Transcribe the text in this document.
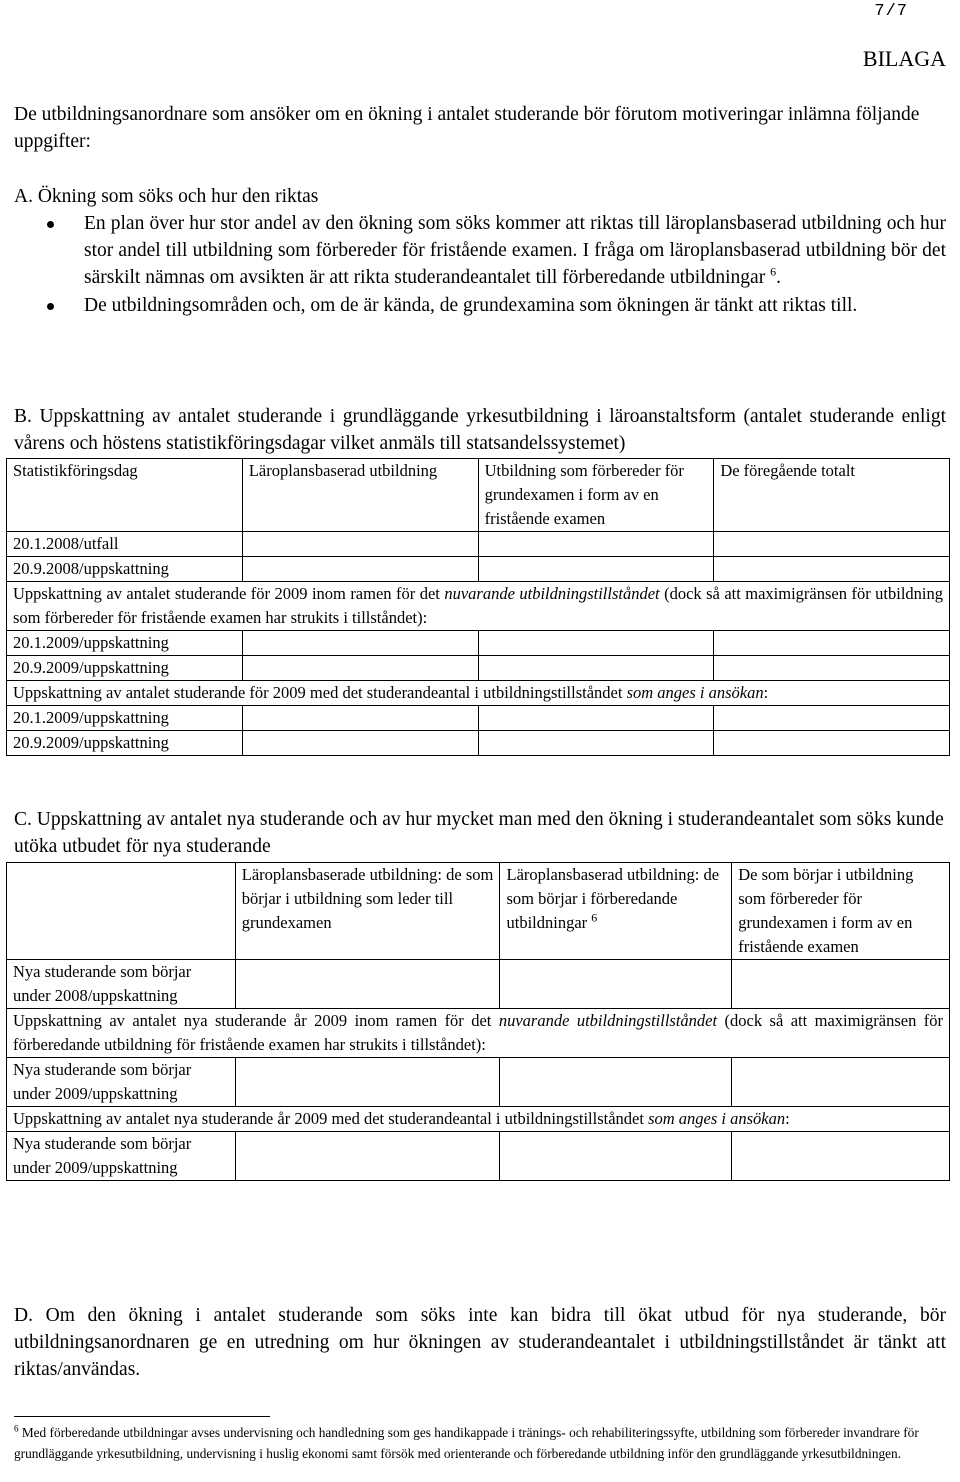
7/7
BILAGA
De utbildningsanordnare som ansöker om en ökning i antalet studerande bör förutom motiveringar inlämna följande uppgifter:
A. Ökning som söks och hur den riktas
En plan över hur stor andel av den ökning som söks kommer att riktas till läroplansbaserad utbildning och hur stor andel till utbildning som förbereder för fristående examen. I fråga om läroplansbaserad utbildning bör det särskilt nämnas om avsikten är att rikta studerandeantalet till förberedande utbildningar $^6$.
De utbildningsområden och, om de är kända, de grundexamina som ökningen är tänkt att riktas till.
B. Uppskattning av antalet studerande i grundläggande yrkesutbildning i läroanstaltsform (antalet studerande enligt vårens och höstens statistikföringsdagar vilket anmäls till statsandelssystemet)
Statistikföringsdag	Läroplansbaserad utbildning	Utbildning som förbereder för grundexamen i form av en fristående examen	De föregående totalt
20.1.2008/utfall			
20.9.2008/uppskattning			
Uppskattning av antalet studerande för 2009 inom ramen för det nuvarande utbildningstillståndet (dock så att maximigränsen för utbildning som förbereder för fristående examen har strukits i tillståndet):			
20.1.2009/uppskattning			
20.9.2009/uppskattning			
Uppskattning av antalet studerande för 2009 med det studerandeantal i utbildningstillståndet som anges i ansökan:			
20.1.2009/uppskattning			
20.9.2009/uppskattning			
C. Uppskattning av antalet nya studerande och av hur mycket man med den ökning i studerandeantalet som söks kunde utöka utbudet för nya studerande
	Läroplansbaserade utbildning: de som börjar i utbildning som leder till grundexamen	Läroplansbaserad utbildning: de som börjar i förberedande utbildningar $^6$	De som börjar i utbildning som förbereder för grundexamen i form av en fristående examen
Nya studerande som börjar under 2008/uppskattning			
Uppskattning av antalet nya studerande år 2009 inom ramen för det nuvarande utbildningstillståndet (dock så att maximigränsen för förberedande utbildning för fristående examen har strukits i tillståndet):			
Nya studerande som börjar under 2009/uppskattning			
Uppskattning av antalet nya studerande år 2009 med det studerandeantal i utbildningstillståndet som anges i ansökan:			
Nya studerande som börjar under 2009/uppskattning			
D. Om den ökning i antalet studerande som söks inte kan bidra till ökat utbud för nya studerande, bör utbildningsanordnaren ge en utredning om hur ökningen av studerandeantalet i utbildningstillståndet är tänkt att riktas/användas.
$^6$ Med förberedande utbildningar avses undervisning och handledning som ges handikappade i tränings- och rehabiliteringssyfte, utbildning som förbereder invandrare för grundläggande yrkesutbildning, undervisning i huslig ekonomi samt försök med orienterande och förberedande utbildning inför den grundläggande yrkesutbildningen.
